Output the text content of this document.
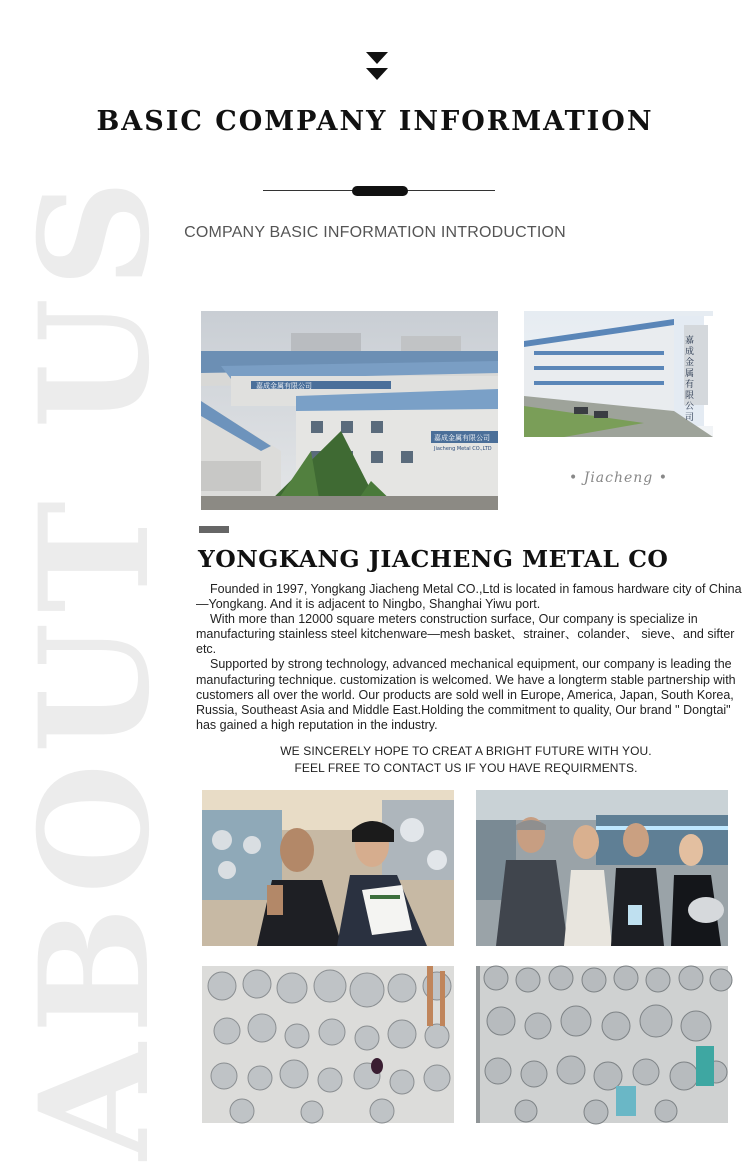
BASIC COMPANY INFORMATION
COMPANY BASIC INFORMATION INTRODUCTION
ABOUT US	嘉成金属有限公司
嘉成金属有限公司
Jiacheng Metal CO.,LTD
嘉成金属有限公司
• Jiacheng •
YONGKANG JIACHENG METAL CO

Founded in 1997, Yongkang Jiacheng Metal CO.,Ltd is located in famous hardware city of China—Yongkang. And it is adjacent to Ningbo, Shanghai Yiwu port.

With more than 12000 square meters construction surface, Our company is specialize in manufacturing stainless steel kitchenware—mesh basket、strainer、colander、 sieve、and sifter etc.

Supported by strong technology, advanced mechanical equipment, our company is leading the manufacturing technique. customization is welcomed. We have a longterm stable partnership with customers all over the world. Our products are sold well in Europe, America, Japan, South Korea, Russia, Southeast Asia and Middle East.Holding the commitment to quality, Our brand " Dongtai" has gained a high reputation in the industry.

WE SINCERELY HOPE TO CREAT A BRIGHT FUTURE WITH YOU.
FEEL FREE TO CONTACT US IF YOU HAVE REQUIRMENTS.
